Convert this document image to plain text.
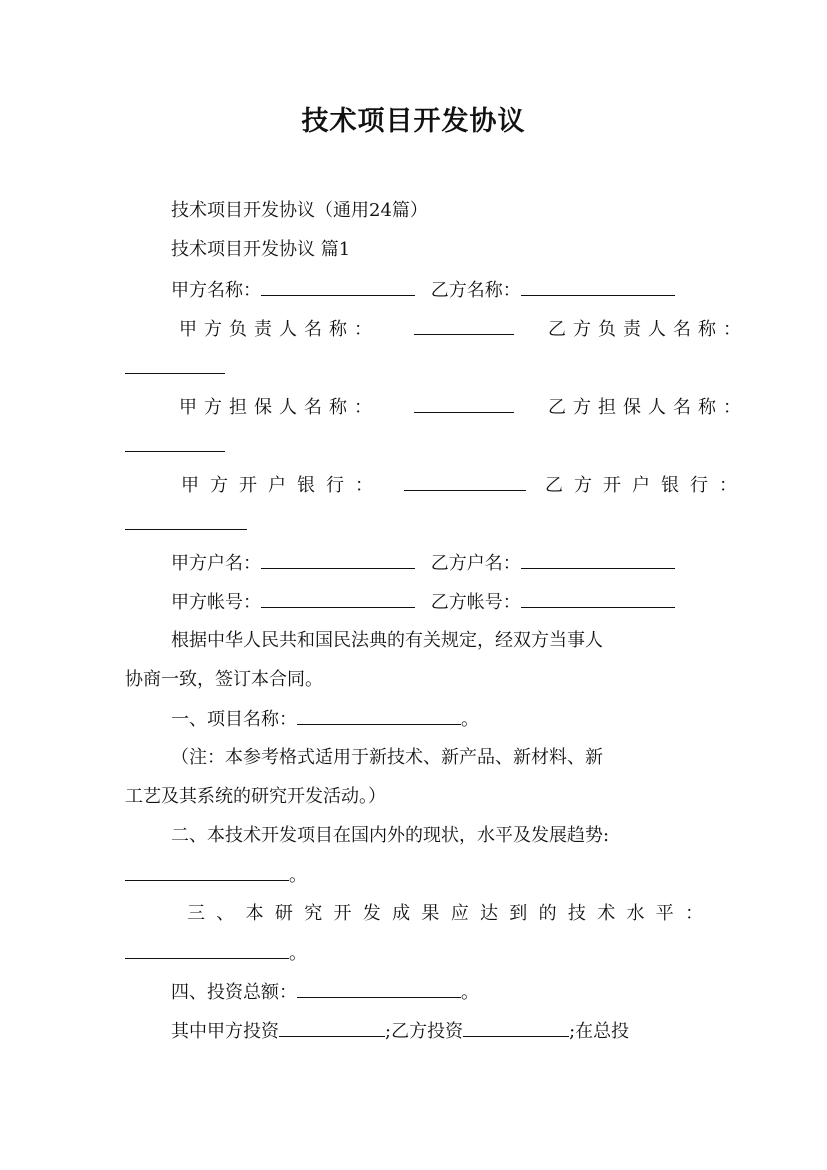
技术项目开发协议
技术项目开发协议（通用24篇）
技术项目开发协议 篇1
甲方名称：	乙方名称：
甲方负责人名称：	乙方负责人名称：
甲方担保人名称：	乙方担保人名称：
甲方开户银行：	乙方开户银行：
甲方户名：	乙方户名：
甲方帐号：	乙方帐号：
根据中华人民共和国民法典的有关规定，经双方当事人
协商一致，签订本合同。
一、项目名称：	。
（注：本参考格式适用于新技术、新产品、新材料、新
工艺及其系统的研究开发活动。）
二、本技术开发项目在国内外的现状，水平及发展趋势:
。
三、本研究开发成果应达到的技术水平：
。
四、投资总额：	。
其中甲方投资	;乙方投资	;在总投
